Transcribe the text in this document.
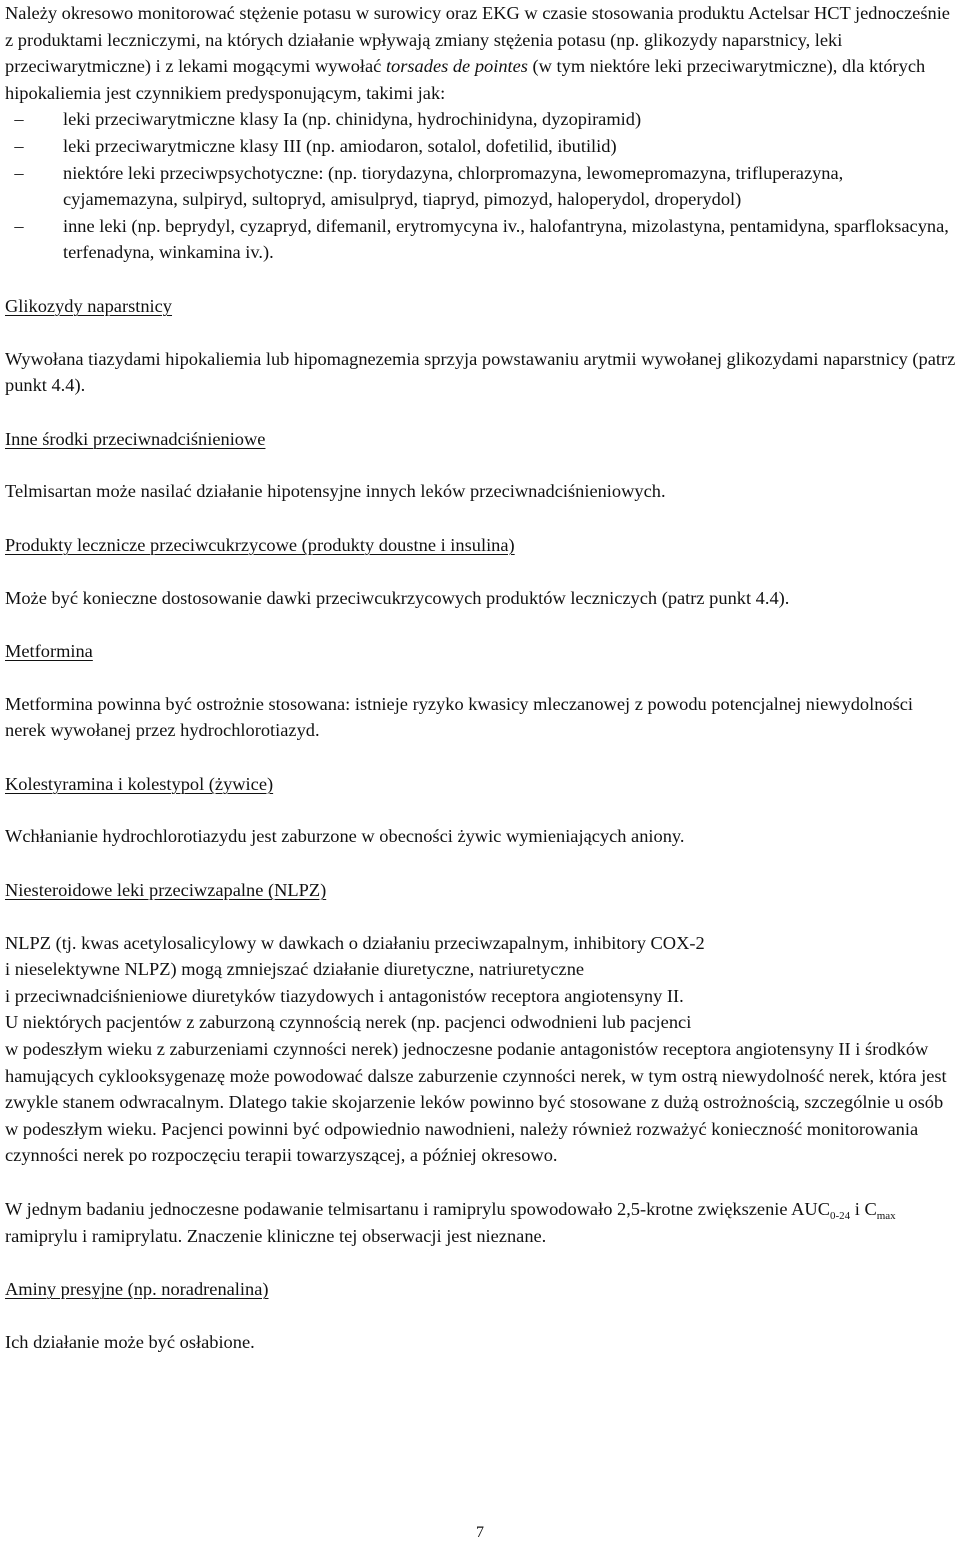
Należy okresowo monitorować stężenie potasu w surowicy oraz EKG w czasie stosowania produktu Actelsar HCT jednocześnie z produktami leczniczymi, na których działanie wpływają zmiany stężenia potasu (np. glikozydy naparstnicy, leki przeciwarytmiczne) i z lekami mogącymi wywołać torsades de pointes (w tym niektóre leki przeciwarytmiczne), dla których hipokaliemia jest czynnikiem predysponującym, takimi jak:

–	leki przeciwarytmiczne klasy Ia (np. chinidyna, hydrochinidyna, dyzopiramid)
–	leki przeciwarytmiczne klasy III (np. amiodaron, sotalol, dofetilid, ibutilid)
–	niektóre leki przeciwpsychotyczne: (np. tiorydazyna, chlorpromazyna, lewomepromazyna, trifluperazyna, cyjamemazyna, sulpiryd, sultopryd, amisulpryd, tiapryd, pimozyd, haloperydol, droperydol)
–	inne leki (np. beprydyl, cyzapryd, difemanil, erytromycyna iv., halofantryna, mizolastyna, pentamidyna, sparfloksacyna, terfenadyna, winkamina iv.).

Glikozydy naparstnicy

Wywołana tiazydami hipokaliemia lub hipomagnezemia sprzyja powstawaniu arytmii wywołanej glikozydami naparstnicy (patrz punkt 4.4).

Inne środki przeciwnadciśnieniowe

Telmisartan może nasilać działanie hipotensyjne innych leków przeciwnadciśnieniowych.

Produkty lecznicze przeciwcukrzycowe (produkty doustne i insulina)

Może być konieczne dostosowanie dawki przeciwcukrzycowych produktów leczniczych (patrz punkt 4.4).

Metformina

Metformina powinna być ostrożnie stosowana: istnieje ryzyko kwasicy mleczanowej z powodu potencjalnej niewydolności nerek wywołanej przez hydrochlorotiazyd.

Kolestyramina i kolestypol (żywice)

Wchłanianie hydrochlorotiazydu jest zaburzone w obecności żywic wymieniających aniony.

Niesteroidowe leki przeciwzapalne (NLPZ)

NLPZ (tj. kwas acetylosalicylowy w dawkach o działaniu przeciwzapalnym, inhibitory COX-2
i nieselektywne NLPZ) mogą zmniejszać działanie diuretyczne, natriuretyczne
i przeciwnadciśnieniowe diuretyków tiazydowych i antagonistów receptora angiotensyny II.
U niektórych pacjentów z zaburzoną czynnością nerek (np. pacjenci odwodnieni lub pacjenci
w podeszłym wieku z zaburzeniami czynności nerek) jednoczesne podanie antagonistów receptora angiotensyny II i środków hamujących cyklooksygenazę może powodować dalsze zaburzenie czynności nerek, w tym ostrą niewydolność nerek, która jest zwykle stanem odwracalnym. Dlatego takie skojarzenie leków powinno być stosowane z dużą ostrożnością, szczególnie u osób w podeszłym wieku. Pacjenci powinni być odpowiednio nawodnieni, należy również rozważyć konieczność monitorowania czynności nerek po rozpoczęciu terapii towarzyszącej, a później okresowo.

W jednym badaniu jednoczesne podawanie telmisartanu i ramiprylu spowodowało 2,5-krotne zwiększenie $AUC_{0-24}$ i $C_{max}$ ramiprylu i ramiprylatu. Znaczenie kliniczne tej obserwacji jest nieznane.

Aminy presyjne (np. noradrenalina)

Ich działanie może być osłabione.

7
